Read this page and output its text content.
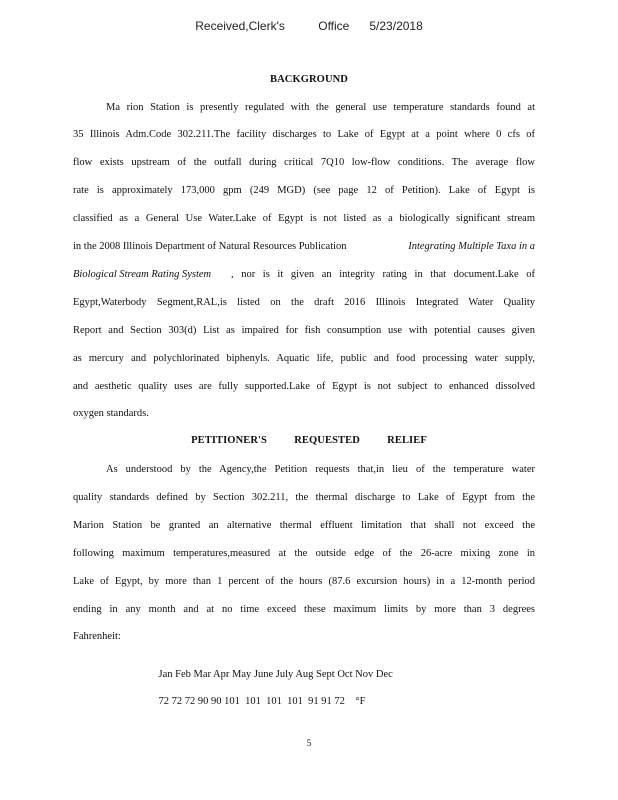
Received,Clerk's	Office 5/23/2018
BACKGROUND
Ma rion Station is presently regulated with the general use temperature standards found at
35 Illinois Adm.Code 302.211.The facility discharges to Lake of Egypt at a point where 0 cfs of
flow exists upstream of the outfall during critical 7Q10 low-flow conditions. The average flow
rate is approximately 173,000 gpm (249 MGD) (see page 12 of Petition). Lake of Egypt is
classified as a General Use Water.Lake of Egypt is not listed as a biologically significant stream
in the 2008 Illinois Department of Natural Resources Publication	Integrating Multiple Taxa in a
Biological Stream Rating System	, nor is it given an integrity rating in that document.Lake of
Egypt,Waterbody Segment,RAL,is listed on the draft 2016 Illinois Integrated Water Quality
Report and Section 303(d) List as impaired for fish consumption use with potential causes given
as mercury and polychlorinated biphenyls. Aquatic life, public and food processing water supply,
and aesthetic quality uses are fully supported.Lake of Egypt is not subject to enhanced dissolved
oxygen standards.
PETITIONER'S          REQUESTED          RELIEF
As understood by the Agency,the Petition requests that,in lieu of the temperature water
quality standards defined by Section 302.211, the thermal discharge to Lake of Egypt from the
Marion Station be granted an alternative thermal effluent limitation that shall not exceed the
following maximum temperatures,measured at the outside edge of the 26-acre mixing zone in
Lake of Egypt, by more than 1 percent of the hours (87.6 excursion hours) in a 12-month period
ending in any month and at no time exceed these maximum limits by more than 3 degrees
Fahrenheit:

Jan Feb Mar Apr May June July Aug Sept Oct Nov Dec

72 72 72 90 90 101 101 101 101 91 91 72 °F

5
